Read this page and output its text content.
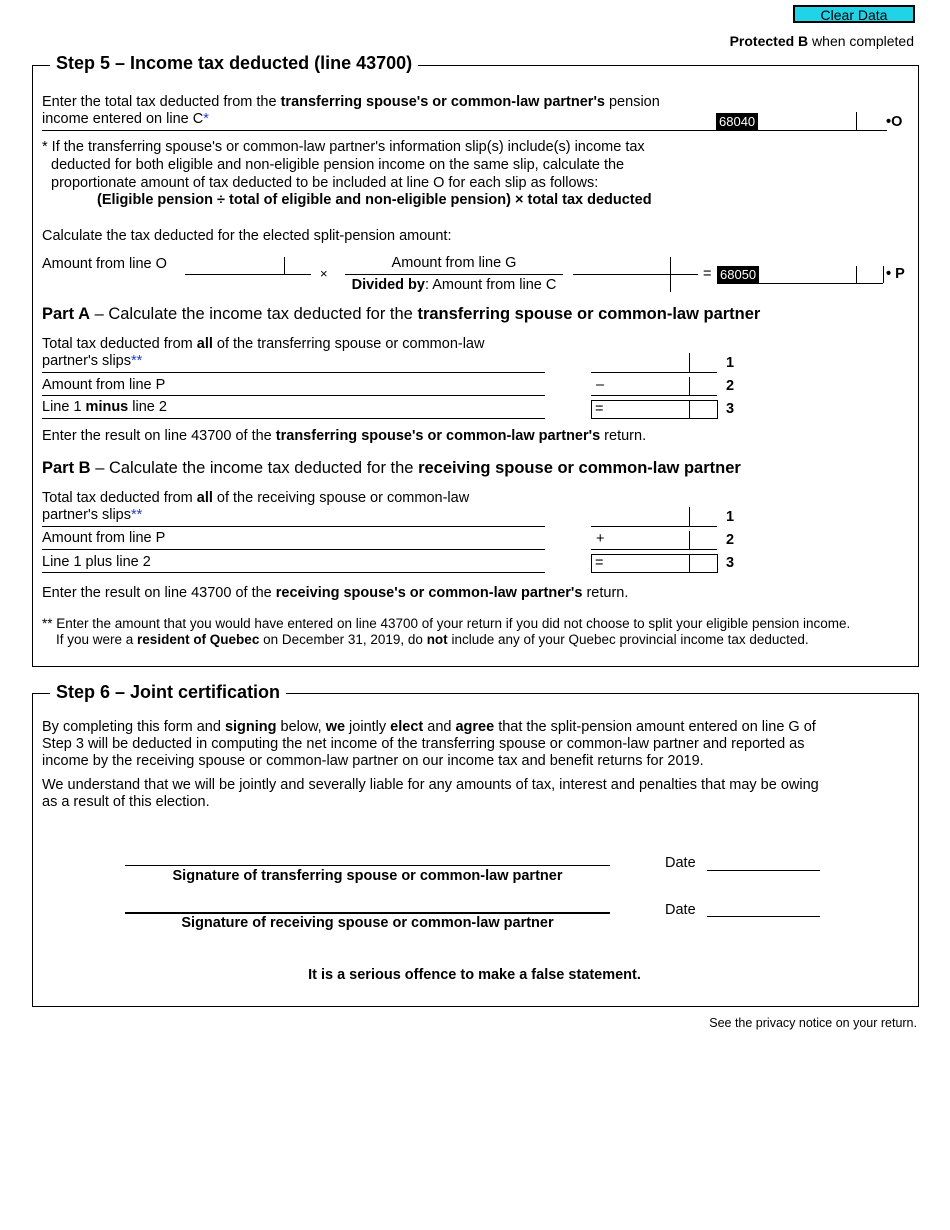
Clear Data
Protected B when completed
Step 5 – Income tax deducted (line 43700)
Enter the total tax deducted from the transferring spouse's or common-law partner's pension
income entered on line C*	68040	•O
* If the transferring spouse's or common-law partner's information slip(s) include(s) income tax
deducted for both eligible and non-eligible pension income on the same slip, calculate the
proportionate amount of tax deducted to be included at line O for each slip as follows:
(Eligible pension ÷ total of eligible and non-eligible pension) × total tax deducted
Calculate the tax deducted for the elected split-pension amount:
Amount from line O
×
Amount from line G
Divided by: Amount from line C
= 68050	• P
Part A – Calculate the income tax deducted for the transferring spouse or common-law partner
Total tax deducted from all of the transferring spouse or common-law
partner's slips**	1
Amount from line P	–	2
Line 1 minus line 2	=	3
Enter the result on line 43700 of the transferring spouse's or common-law partner's return.
Part B – Calculate the income tax deducted for the receiving spouse or common-law partner
Total tax deducted from all of the receiving spouse or common-law
partner's slips**	1
Amount from line P	+	2
Line 1 plus line 2	=	3
Enter the result on line 43700 of the receiving spouse's or common-law partner's return.
** Enter the amount that you would have entered on line 43700 of your return if you did not choose to split your eligible pension income.
If you were a resident of Quebec on December 31, 2019, do not include any of your Quebec provincial income tax deducted.
Step 6 – Joint certification
By completing this form and signing below, we jointly elect and agree that the split-pension amount entered on line G of
Step 3 will be deducted in computing the net income of the transferring spouse or common-law partner and reported as
income by the receiving spouse or common-law partner on our income tax and benefit returns for 2019.
We understand that we will be jointly and severally liable for any amounts of tax, interest and penalties that may be owing
as a result of this election.
Signature of transferring spouse or common-law partner
Date
Signature of receiving spouse or common-law partner
Date
It is a serious offence to make a false statement.
See the privacy notice on your return.
